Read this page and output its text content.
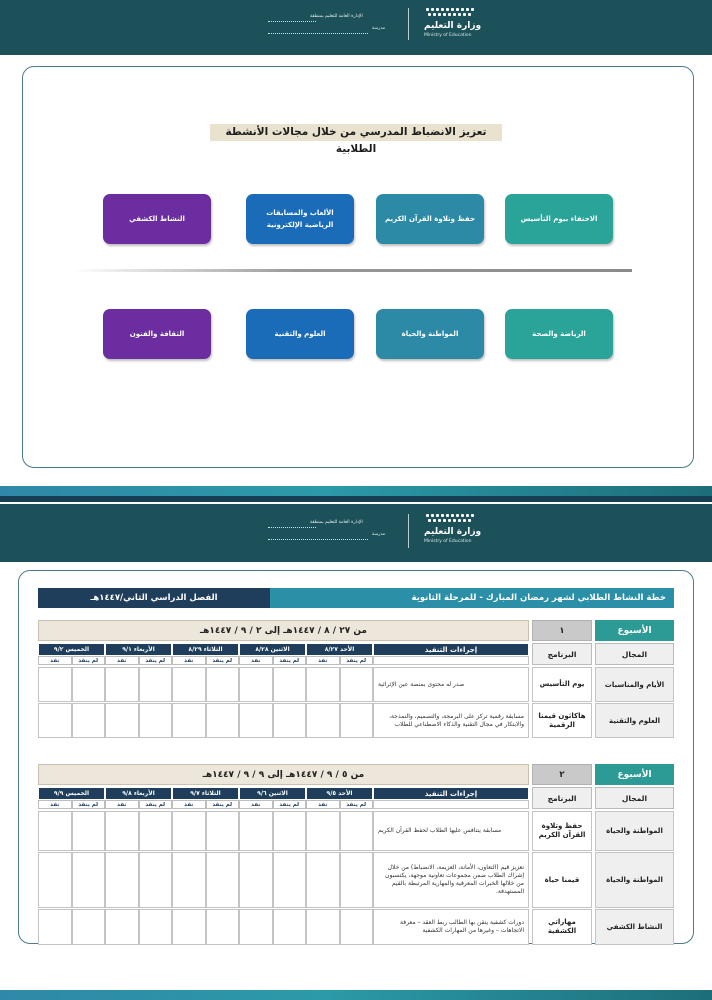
الإدارة العامة للتعليم بمنطقة
مدرسة	وزارة التعليم
Ministry of Education
تعزيز الانضباط المدرسي من خلال مجالات الأنشطة الطلابية
الاحتفاء بيوم التأسيس
حفظ وتلاوة القرآن الكريم
الألعاب والمسابقات الرياضية الإلكترونية
النشاط الكشفي
الرياضة والصحة
المواطنة والحياة
العلوم والتقنية
الثقافة والفنون
الإدارة العامة للتعليم بمنطقة
مدرسة	وزارة التعليم
Ministry of Education
خطة النشاط الطلابي لشهر رمضان المبارك - للمرحلة الثانوية
الفصل الدراسي الثاني/١٤٤٧هـ
الأسبوع
١
من ٢٧ / ٨ / ١٤٤٧هـ إلى ٢ / ٩ / ١٤٤٧هـ
المجال
البرنامج
إجراءات التنفيذ
الأحد ٨/٢٧
لم ينفذ
نفذ
الاثنين ٨/٢٨
لم ينفذ
نفذ
الثلاثاء ٨/٢٩
لم ينفذ
نفذ
الأربعاء ٩/١
لم ينفذ
نفذ
الخميس ٩/٢
لم ينفذ
نفذ
الأيام والمناسبات
يوم التأسيس
صدر له محتوى بمنصة عين الإثرائية
العلوم والتقنية
هاكاثون قيمنا الرقمية
مسابقة رقمية تركز على البرمجة، والتصميم، والنمذجة، والابتكار في مجال التقنية والذكاء الاصطناعي للطلاب
الأسبوع
٢
من ٥ / ٩ / ١٤٤٧هـ إلى ٩ / ٩ / ١٤٤٧هـ
المجال
البرنامج
إجراءات التنفيذ
الأحد ٩/٥
لم ينفذ
نفذ
الاثنين ٩/٦
لم ينفذ
نفذ
الثلاثاء ٩/٧
لم ينفذ
نفذ
الأربعاء ٩/٨
لم ينفذ
نفذ
الخميس ٩/٩
لم ينفذ
نفذ
المواطنة والحياة
حفظ وتلاوة القرآن الكريم
مسابقة يتنافس عليها الطلاب لحفظ القرآن الكريم
المواطنة والحياة
قيمنا حياة
تعزيز قيم (التعاون، الأمانة، العزيمة، الانضباط) من خلال إشراك الطلاب ضمن مجموعات تعاونية موجهة، يكتسبون من خلالها الخبرات المعرفية والمهارية المرتبطة بالقيم المستهدفة.
النشاط الكشفي
مهاراتي الكشفية
دورات كشفية يتقن بها الطالب ربط العقد – معرفة الاتجاهات – وغيرها من المهارات الكشفية
